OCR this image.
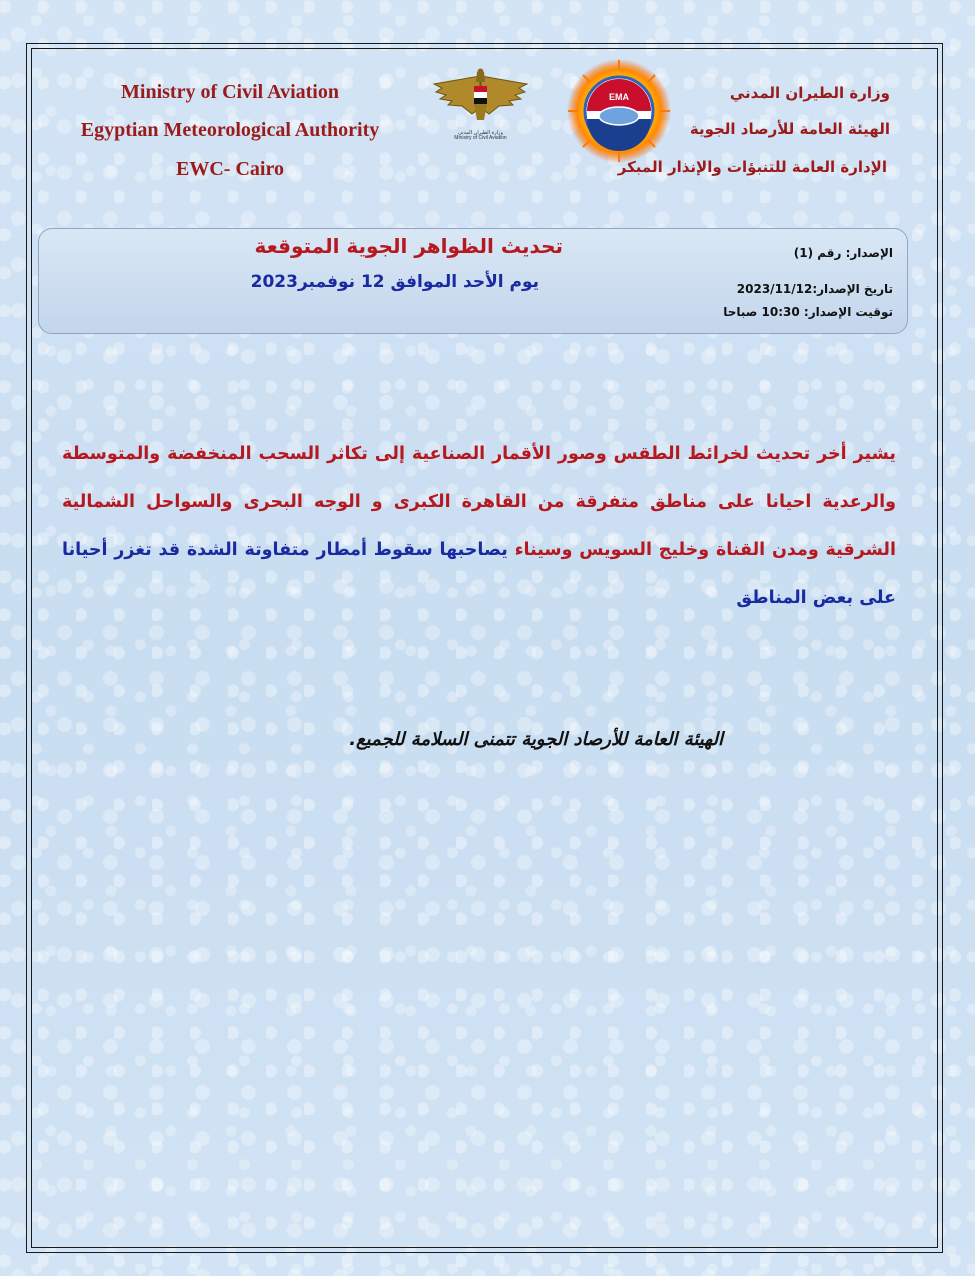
Ministry of Civil Aviation
Egyptian Meteorological Authority
EWC- Cairo
وزارة الطيران المدني
Ministry of Civil Aviation
EMA	وزارة الطيران المدني
الهيئة العامة للأرصاد الجوية
الإدارة العامة للتنبؤات والإنذار المبكر
تحديث الظواهر الجوية المتوقعة
يوم الأحد الموافق 12 نوفمبر2023
الإصدار: رقم (1)
تاريخ الإصدار:2023/11/12
توقيت الإصدار: 10:30 صباحا
يشير أخر تحديث لخرائط الطقس وصور الأقمار الصناعية إلى تكاثر السحب المنخفضة والمتوسطة والرعدية احيانا على مناطق متفرقة من القاهرة الكبرى و الوجه البحرى والسواحل الشمالية الشرقية ومدن القناة وخليج السويس وسيناء يصاحبها سقوط أمطار متفاوتة الشدة قد تغزر أحيانا على بعض المناطق
الهيئة العامة للأرصاد الجوية تتمنى السلامة للجميع.
